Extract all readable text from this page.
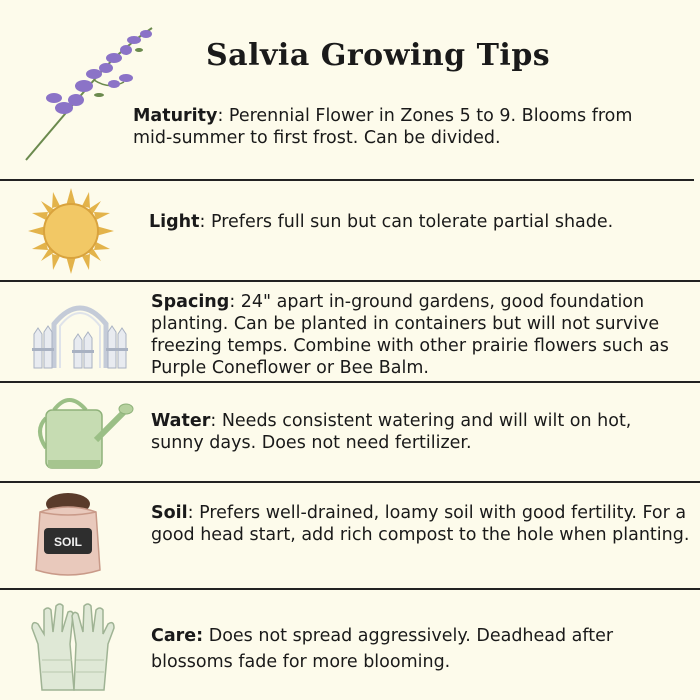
Salvia Growing Tips
Maturity: Perennial Flower in Zones 5 to 9. Blooms from mid-summer to first frost. Can be divided.
Light: Prefers full sun but can tolerate partial shade.
Spacing: 24" apart in-ground gardens, good foundation planting. Can be planted in containers but will not survive freezing temps. Combine with other prairie flowers such as Purple Coneflower or Bee Balm.
Water: Needs consistent watering and will wilt on hot, sunny days. Does not need fertilizer.
SOIL
Soil: Prefers well-drained, loamy soil with good fertility. For a good head start, add rich compost to the hole when planting.
Care: Does not spread aggressively. Deadhead after blossoms fade for more blooming.
